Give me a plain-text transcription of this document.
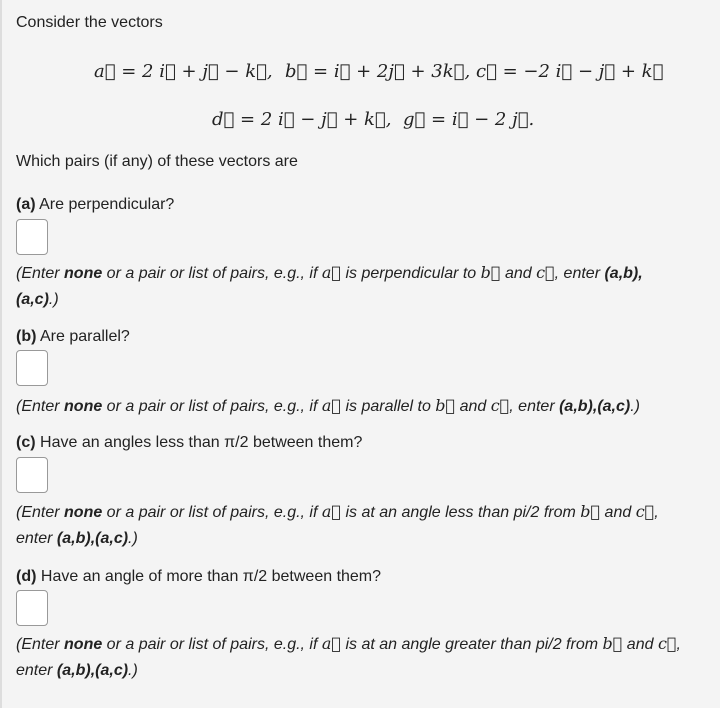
Consider the vectors
a⃗ = 2 i⃗ + j⃗ − k⃗, b⃗ = i⃗ + 2j⃗ + 3k⃗, c⃗ = −2 i⃗ − j⃗ + k⃗
d⃗ = 2 i⃗ − j⃗ + k⃗, g⃗ = i⃗ − 2 j⃗.
Which pairs (if any) of these vectors are
(a) Are perpendicular?
(Enter none or a pair or list of pairs, e.g., if a⃗ is perpendicular to b⃗ and c⃗, enter (a,b), (a,c).)
(b) Are parallel?
(Enter none or a pair or list of pairs, e.g., if a⃗ is parallel to b⃗ and c⃗, enter (a,b),(a,c).)
(c) Have an angles less than π/2 between them?
(Enter none or a pair or list of pairs, e.g., if a⃗ is at an angle less than pi/2 from b⃗ and c⃗, enter (a,b),(a,c).)
(d) Have an angle of more than π/2 between them?
(Enter none or a pair or list of pairs, e.g., if a⃗ is at an angle greater than pi/2 from b⃗ and c⃗, enter (a,b),(a,c).)
